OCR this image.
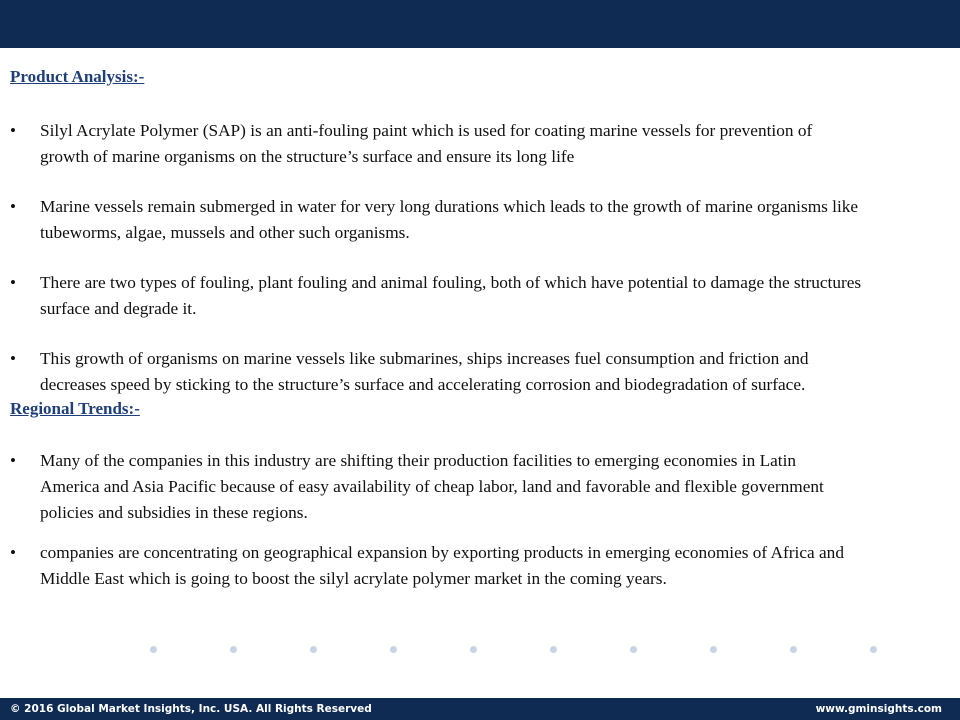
Product Analysis:-
• Silyl Acrylate Polymer (SAP) is an anti-fouling paint which is used for coating marine vessels for prevention of growth of marine organisms on the structure’s surface and ensure its long life
• Marine vessels remain submerged in water for very long durations which leads to the growth of marine organisms like tubeworms, algae, mussels and other such organisms.
• There are two types of fouling, plant fouling and animal fouling, both of which have potential to damage the structures surface and degrade it.
• This growth of organisms on marine vessels like submarines, ships increases fuel consumption and friction and decreases speed by sticking to the structure’s surface and accelerating corrosion and biodegradation of surface.
Regional Trends:-
• Many of the companies in this industry are shifting their production facilities to emerging economies in Latin America and Asia Pacific because of easy availability of cheap labor, land and favorable and flexible government policies and subsidies in these regions.
• companies are concentrating on geographical expansion by exporting products in emerging economies of Africa and Middle East which is going to boost the silyl acrylate polymer market in the coming years.
© 2016 Global Market Insights, Inc. USA. All Rights Reserved	www.gminsights.com
